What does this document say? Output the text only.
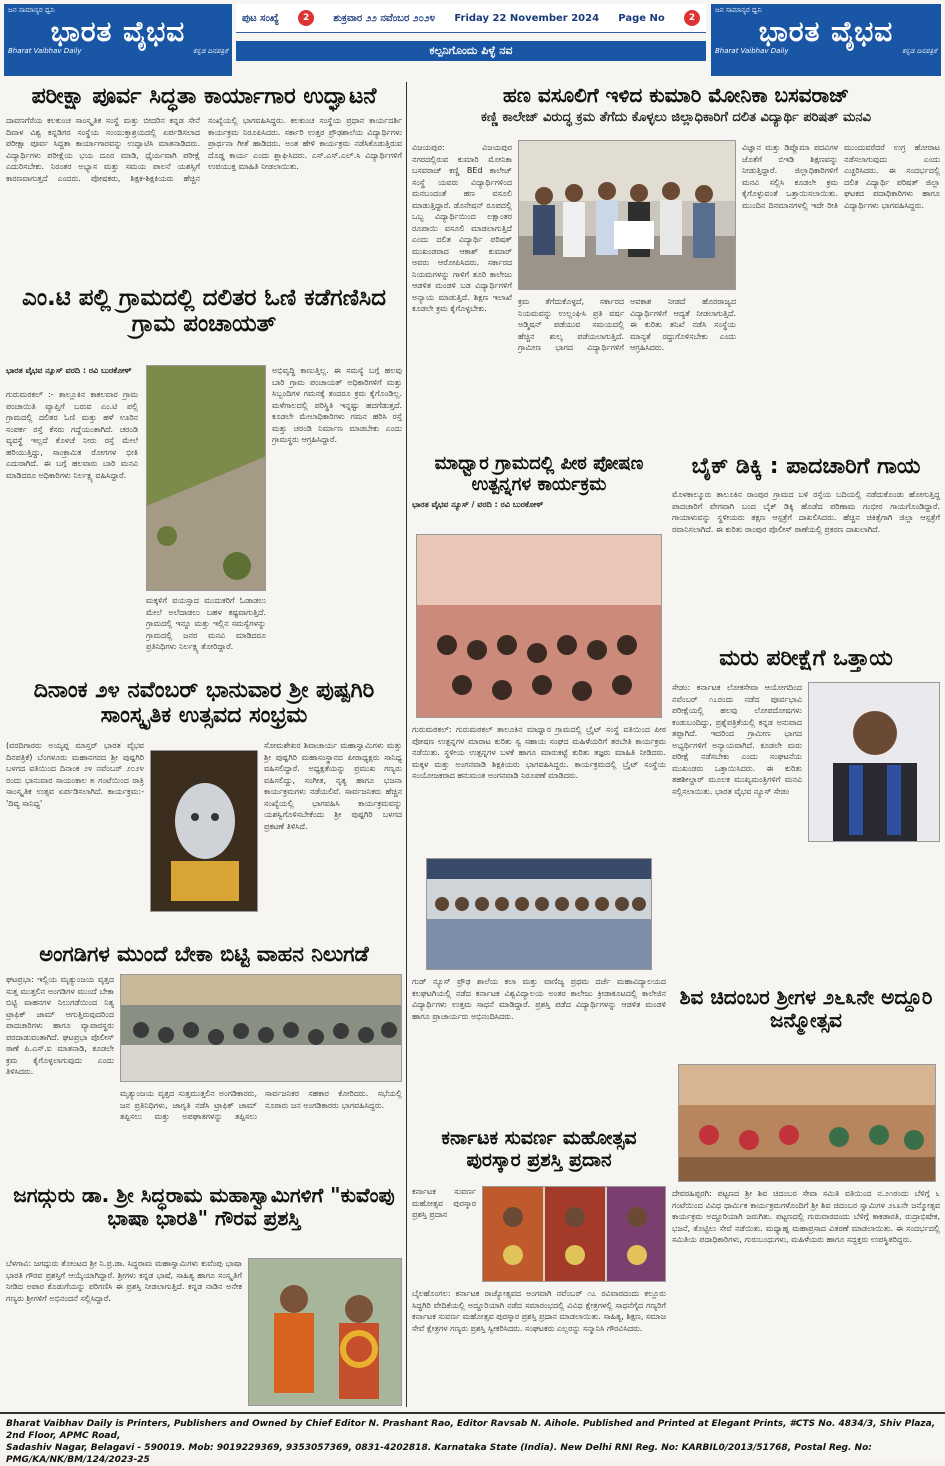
ಜನ ಸಾಮಾನ್ಯರ ಧ್ವನಿ
ಭಾರತ ವೈಭವ
Bharat Vaibhav Daily	ಕನ್ನಡ ದಿನಪತ್ರಿಕೆ
ಪುಟ ಸಂಖ್ಯೆ	2	ಶುಕ್ರವಾರ ೨೨ ನವೆಂಬರ ೨೦೨೪ Friday 22 November 2024 Page No	2
ಕಲ್ಪನಿಗೊಂದು ಪಿಳ್ಳೆ ನವ
ಜನ ಸಾಮಾನ್ಯರ ಧ್ವನಿ
ಭಾರತ ವೈಭವ
Bharat Vaibhav Daily	ಕನ್ನಡ ದಿನಪತ್ರಿಕೆ
ಪರೀಕ್ಷಾ ಪೂರ್ವ ಸಿದ್ಧತಾ ಕಾರ್ಯಾಗಾರ ಉದ್ಘಾಟನೆ
ದಾವಣಗೆರೆಯ ಕಲಕುಂಚ ಸಾಂಸ್ಕೃತಿಕ ಸಂಸ್ಥೆ ಮತ್ತು ಬೀದರಿನ ಕನ್ನಡ ಸೇನೆ ದಿವಾಳ ವಿಶ್ವ ಕನ್ನಡಿಗರ ಸಂಸ್ಥೆಯ ಸಂಯುಕ್ತಾಶ್ರಯದಲ್ಲಿ ಏರ್ಪಡಿಸಲಾದ ಪರೀಕ್ಷಾ ಪೂರ್ವ ಸಿದ್ಧತಾ ಕಾರ್ಯಾಗಾರವನ್ನು ಉದ್ಘಾಟಿಸಿ ಮಾತನಾಡಿದರು. ವಿದ್ಯಾರ್ಥಿಗಳು ಪರೀಕ್ಷೆಯ ಭಯ ದೂರ ಮಾಡಿ, ಧೈರ್ಯವಾಗಿ ಪರೀಕ್ಷೆ ಎದುರಿಸಬೇಕು. ನಿರಂತರ ಅಭ್ಯಾಸ ಮತ್ತು ಸಮಯ ಪಾಲನೆ ಯಶಸ್ಸಿಗೆ ಕಾರಣವಾಗುತ್ತದೆ ಎಂದರು. ಪೋಷಕರು, ಶಿಕ್ಷಕ-ಶಿಕ್ಷಕಿಯರು ಹೆಚ್ಚಿನ ಸಂಖ್ಯೆಯಲ್ಲಿ ಭಾಗವಹಿಸಿದ್ದರು. ಕಲಕುಂಚ ಸಂಸ್ಥೆಯ ಪ್ರಧಾನ ಕಾರ್ಯದರ್ಶಿ ಕಾರ್ಯಕ್ರಮ ನಿರೂಪಿಸಿದರು. ಸರ್ಕಾರಿ ಉತ್ತರ ಪ್ರೌಢಶಾಲೆಯ ವಿದ್ಯಾರ್ಥಿಗಳು ಪ್ರಾರ್ಥನಾ ಗೀತೆ ಹಾಡಿದರು. ಅಂತ ಹೇಳಿ ಕಾರ್ಯಕ್ರಮ ನಡೆಸಿಕೊಡುತ್ತಿರುವ ದೊಡ್ಡ ಕಾರ್ಯ ಎಂದು ಶ್ಲಾಘಿಸಿದರು. ಎಸ್.ಎಸ್.ಎಲ್.ಸಿ ವಿದ್ಯಾರ್ಥಿಗಳಿಗೆ ಉಪಯುಕ್ತ ಮಾಹಿತಿ ನೀಡಲಾಯಿತು.
ಹಣ ವಸೂಲಿಗೆ ಇಳಿದ ಕುಮಾರಿ ಮೋನಿಕಾ ಬಸವರಾಜ್
ಕಣ್ಣಿ ಕಾಲೇಜ್ ವಿರುದ್ಧ ಕ್ರಮ ತೆಗೆದು ಕೊಳ್ಳಲು ಜಿಲ್ಲಾಧಿಕಾರಿಗೆ ದಲಿತ ವಿದ್ಯಾರ್ಥಿ ಪರಿಷತ್ ಮನವಿ
ವಿಜಯಪುರ: ವಿಜಯಪುರ ನಗರದಲ್ಲಿರುವ ಕುಮಾರಿ ಮೋನಿಕಾ ಬಸವರಾಜ್ ಕಣ್ಣಿ BEd ಕಾಲೇಜ್ ಸಂಸ್ಥೆ ಯವರು ವಿದ್ಯಾರ್ಥಿಗಳಿಂದ ಮನಬಂದಂತೆ ಹಣ ವಸೂಲಿ ಮಾಡುತ್ತಿದ್ದಾರೆ. ಡೊನೇಷನ್ ರೂಪದಲ್ಲಿ ಒಬ್ಬ ವಿದ್ಯಾರ್ಥಿಯಿಂದ ಲಕ್ಷಾಂತರ ರೂಪಾಯಿ ವಸೂಲಿ ಮಾಡಲಾಗುತ್ತಿದೆ ಎಂದು ದಲಿತ ವಿದ್ಯಾರ್ಥಿ ಪರಿಷತ್ ಮುಖಂಡರಾದ ಆಕಾಶ್ ಕುಮಾರ್ ಅವರು ಆರೋಪಿಸಿದರು. ಸರ್ಕಾರದ ನಿಯಮಗಳನ್ನು ಗಾಳಿಗೆ ತೂರಿ ಕಾಲೇಜು ಆಡಳಿತ ಮಂಡಳಿ ಬಡ ವಿದ್ಯಾರ್ಥಿಗಳಿಗೆ ಅನ್ಯಾಯ ಮಾಡುತ್ತಿದೆ. ಶಿಕ್ಷಣ ಇಲಾಖೆ ಕೂಡಲೇ ಕ್ರಮ ಕೈಗೊಳ್ಳಬೇಕು.
ಕ್ರಮ ತೆಗೆದುಕೊಳ್ಳದೆ, ಸರ್ಕಾರದ ನಿಯಮವನ್ನು ಉಲ್ಲಂಘಿಸಿ ಪ್ರತಿ ವರ್ಷ ಅಡ್ಮಿಷನ್ ಪಡೆಯುವ ಸಮಯದಲ್ಲಿ ಹೆಚ್ಚಿನ ಶುಲ್ಕ ಪಡೆಯಲಾಗುತ್ತಿದೆ. ಗ್ರಾಮೀಣ ಭಾಗದ ವಿದ್ಯಾರ್ಥಿಗಳಿಗೆ ಅವಕಾಶ ನೀಡದೆ ಹೊರರಾಜ್ಯದ ವಿದ್ಯಾರ್ಥಿಗಳಿಗೆ ಆದ್ಯತೆ ನೀಡಲಾಗುತ್ತಿದೆ. ಈ ಕುರಿತು ತನಿಖೆ ನಡೆಸಿ ಸಂಸ್ಥೆಯ ಮಾನ್ಯತೆ ರದ್ದುಗೊಳಿಸಬೇಕು ಎಂದು ಆಗ್ರಹಿಸಿದರು.
ವಿಜ್ಞಾನ ಮತ್ತು ಡಿಪ್ಲೊಮಾ ಪದವಿಗಳ ಜೊತೆಗೆ ಬಿಇಡಿ ಶಿಕ್ಷಣವನ್ನು ನೀಡುತ್ತಿದ್ದಾರೆ. ಜಿಲ್ಲಾಧಿಕಾರಿಗಳಿಗೆ ಮನವಿ ಸಲ್ಲಿಸಿ ಕೂಡಲೇ ಕ್ರಮ ಕೈಗೊಳ್ಳುವಂತೆ ಒತ್ತಾಯಿಸಲಾಯಿತು. ಮುಂದಿನ ದಿನಮಾನಗಳಲ್ಲಿ ಇದೇ ರೀತಿ ಮುಂದುವರೆದರೆ ಉಗ್ರ ಹೋರಾಟ ನಡೆಸಲಾಗುವುದು ಎಂದು ಎಚ್ಚರಿಸಿದರು. ಈ ಸಂದರ್ಭದಲ್ಲಿ ದಲಿತ ವಿದ್ಯಾರ್ಥಿ ಪರಿಷತ್ ಜಿಲ್ಲಾ ಘಟಕದ ಪದಾಧಿಕಾರಿಗಳು ಹಾಗೂ ವಿದ್ಯಾರ್ಥಿಗಳು ಭಾಗವಹಿಸಿದ್ದರು.
ಎಂ.ಟಿ ಪಲ್ಲಿ ಗ್ರಾಮದಲ್ಲಿ ದಲಿತರ ಓಣಿ ಕಡೆಗಣಿಸಿದ ಗ್ರಾಮ ಪಂಚಾಯತ್
ಭಾರತ ವೈಭವ ನ್ಯೂಸ್ ವರದಿ : ರವಿ ಬುರಕೋಳ್
ಗುರುಮಠಕಲ್ :- ತಾಲ್ಲೂಕಿನ ಕಾಕಲವಾರ ಗ್ರಾಮ ಪಂಚಾಯಿತಿ ವ್ಯಾಪ್ತಿಗೆ ಬರುವ ಎಂ.ಟಿ ಪಲ್ಲಿ ಗ್ರಾಮದಲ್ಲಿ ದಲಿತರ ಓಣಿ ಮತ್ತು ಹಳೆ ಊರಿನ ಸಂಪರ್ಕ ರಸ್ತೆ ಕೆಸರು ಗದ್ದೆಯಂತಾಗಿದೆ. ಚರಂಡಿ ವ್ಯವಸ್ಥೆ ಇಲ್ಲದೆ ಕೊಳಚೆ ನೀರು ರಸ್ತೆ ಮೇಲೆ ಹರಿಯುತ್ತಿದ್ದು, ಸಾಂಕ್ರಾಮಿಕ ರೋಗಗಳ ಭೀತಿ ಎದುರಾಗಿದೆ. ಈ ಬಗ್ಗೆ ಹಲವಾರು ಬಾರಿ ಮನವಿ ಮಾಡಿದರೂ ಅಧಿಕಾರಿಗಳು ನಿರ್ಲಕ್ಷ್ಯ ವಹಿಸಿದ್ದಾರೆ.
ಮಕ್ಕಳಿಗೆ ವಯಸ್ಸಾದ ಮುದುಕರಿಗೆ ಓಡಾಡಲು ಮೇಲೆ ಅಲೆದಾಡಲು ಬಹಳ ಕಷ್ಟವಾಗುತ್ತಿದೆ. ಗ್ರಾಮದಲ್ಲಿ ಇನ್ನೂ ಮತ್ತು ಇಲ್ಲಿನ ಸಮಸ್ಯೆಗಳನ್ನು ಗ್ರಾಮದಲ್ಲಿ ಜನರ ಮನವಿ ಮಾಡಿದರೂ ಪ್ರತಿನಿಧಿಗಳು ನಿರ್ಲಕ್ಷ್ಯ ತೋರಿದ್ದಾರೆ.
ಅಭಿವೃದ್ಧಿ ಕಾಣುತ್ತಿಲ್ಲ. ಈ ಸಮಸ್ಯೆ ಬಗ್ಗೆ ಹಲವು ಬಾರಿ ಗ್ರಾಮ ಪಂಚಾಯತ್ ಅಧಿಕಾರಿಗಳಿಗೆ ಮತ್ತು ಸಿಬ್ಬಂದಿಗಳ ಗಮನಕ್ಕೆ ತಂದರೂ ಕ್ರಮ ಕೈಗೊಂಡಿಲ್ಲ. ಮಳೆಗಾಲದಲ್ಲಿ ಪರಿಸ್ಥಿತಿ ಇನ್ನಷ್ಟು ಹದಗೆಡುತ್ತದೆ. ಕೂಡಲೇ ಮೇಲಾಧಿಕಾರಿಗಳು ಗಮನ ಹರಿಸಿ ರಸ್ತೆ ಮತ್ತು ಚರಂಡಿ ನಿರ್ಮಾಣ ಮಾಡಬೇಕು ಎಂದು ಗ್ರಾಮಸ್ಥರು ಆಗ್ರಹಿಸಿದ್ದಾರೆ.
ದಿನಾಂಕ ೨೪ ನವೆಂಬರ್ ಭಾನುವಾರ ಶ್ರೀ ಪುಷ್ಪಗಿರಿ ಸಾಂಸ್ಕೃತಿಕ ಉತ್ಸವದ ಸಂಭ್ರಮ
(ವರದಿಗಾರರು ಅಯ್ಯಪ್ಪ ಮಾಸ್ತರ್ ಭಾರತ ವೈಭವ ದಿನಪತ್ರಿಕೆ) ಬೆಂಗಳೂರು ಮಹಾನಗರದ ಶ್ರೀ ಪುಷ್ಪಗಿರಿ ಬಳಗದ ವತಿಯಿಂದ ದಿನಾಂಕ ೨೪ ನವೆಂಬರ್ ೨೦೨೪ ರಂದು ಭಾನುವಾರ ಸಾಯಂಕಾಲ ೫ ಗಂಟೆಯಿಂದ ರಾತ್ರಿ ಸಾಂಸ್ಕೃತಿಕ ಉತ್ಸವ ಏರ್ಪಡಿಸಲಾಗಿದೆ. ಕಾರ್ಯಕ್ರಮ:- 'ದಿವ್ಯ ಸಾನಿಧ್ಯ'
ಸೋಮಶೇಖರ ಶಿವಾಚಾರ್ಯ ಮಹಾಸ್ವಾಮಿಗಳು ಮತ್ತು ಶ್ರೀ ಪುಷ್ಪಗಿರಿ ಮಹಾಸಂಸ್ಥಾನದ ಪೀಠಾಧ್ಯಕ್ಷರು ಸಾನಿಧ್ಯ ವಹಿಸಲಿದ್ದಾರೆ. ಅಧ್ಯಕ್ಷತೆಯನ್ನು ಪ್ರಮುಖ ಗಣ್ಯರು ವಹಿಸಲಿದ್ದು, ಸಂಗೀತ, ನೃತ್ಯ ಹಾಗೂ ಭಜನಾ ಕಾರ್ಯಕ್ರಮಗಳು ನಡೆಯಲಿವೆ. ಸಾರ್ವಜನಿಕರು ಹೆಚ್ಚಿನ ಸಂಖ್ಯೆಯಲ್ಲಿ ಭಾಗವಹಿಸಿ ಕಾರ್ಯಕ್ರಮವನ್ನು ಯಶಸ್ವಿಗೊಳಿಸಬೇಕೆಂದು ಶ್ರೀ ಪುಷ್ಪಗಿರಿ ಬಳಗದ ಪ್ರಕಟಣೆ ತಿಳಿಸಿದೆ.
ಅಂಗಡಿಗಳ ಮುಂದೆ ಬೇಕಾ ಬಿಟ್ಟಿ ವಾಹನ ನಿಲುಗಡೆ
ಘಟಪ್ರಭಾ: ಇಲ್ಲಿಯ ಮೃತ್ಯುಂಜಯ ವೃತ್ತದ ಸುತ್ತ ಮುತ್ತಲಿನ ಅಂಗಡಿಗಳ ಮುಂದೆ ಬೇಕಾ ಬಿಟ್ಟಿ ವಾಹನಗಳ ನಿಲುಗಡೆಯಿಂದ ನಿತ್ಯ ಟ್ರಾಫಿಕ್ ಜಾಮ್ ಆಗುತ್ತಿರುವುದರಿಂದ ಪಾದಚಾರಿಗಳು ಹಾಗೂ ವ್ಯಾಪಾರಸ್ಥರು ಪರದಾಡುವಂತಾಗಿದೆ. ಘಟಪ್ರಭಾ ಪೊಲೀಸ್ ಠಾಣೆ ಪಿ.ಎಸ್.ಐ ಮಾತನಾಡಿ, ಕೂಡಲೇ ಕ್ರಮ ಕೈಗೊಳ್ಳಲಾಗುವುದು ಎಂದು ತಿಳಿಸಿದರು.
ಮೃತ್ಯುಂಜಯ ವೃತ್ತದ ಸುತ್ತಮುತ್ತಲಿನ ಅಂಗಡಿಕಾರರು, ಜನ ಪ್ರತಿನಿಧಿಗಳು, ಜಾಗೃತಿ ನಡೆಸಿ ಟ್ರಾಫಿಕ್ ಜಾಮ್ ತಪ್ಪಿಸಲು ಮತ್ತು ಅಪಘಾತಗಳನ್ನು ತಪ್ಪಿಸಲು ಸಾರ್ವಜನಿಕರ ಸಹಕಾರ ಕೋರಿದರು. ಸಭೆಯಲ್ಲಿ ನೂರಾರು ಜನ ಅಂಗಡಿಕಾರರು ಭಾಗವಹಿಸಿದ್ದರು.
ಜಗದ್ಗುರು ಡಾ. ಶ್ರೀ ಸಿದ್ಧರಾಮ ಮಹಾಸ್ವಾಮಿಗಳಿಗೆ "ಕುವೆಂಪು ಭಾಷಾ ಭಾರತಿ" ಗೌರವ ಪ್ರಶಸ್ತಿ
ಬೆಳಗಾವಿ: ಜಗದ್ಗುರು ತೋಂಟದ ಶ್ರೀ ನಿ.ಪ್ರ.ಡಾ. ಸಿದ್ಧರಾಮ ಮಹಾಸ್ವಾಮಿಗಳು ಕುವೆಂಪು ಭಾಷಾ ಭಾರತಿ ಗೌರವ ಪ್ರಶಸ್ತಿಗೆ ಆಯ್ಕೆಯಾಗಿದ್ದಾರೆ. ಶ್ರೀಗಳು ಕನ್ನಡ ಭಾಷೆ, ಸಾಹಿತ್ಯ ಹಾಗೂ ಸಂಸ್ಕೃತಿಗೆ ನೀಡಿದ ಅಪಾರ ಕೊಡುಗೆಯನ್ನು ಪರಿಗಣಿಸಿ ಈ ಪ್ರಶಸ್ತಿ ನೀಡಲಾಗುತ್ತಿದೆ. ಕನ್ನಡ ನಾಡಿನ ಅನೇಕ ಗಣ್ಯರು ಶ್ರೀಗಳಿಗೆ ಅಭಿನಂದನೆ ಸಲ್ಲಿಸಿದ್ದಾರೆ.
ಮಾಧ್ವಾರ ಗ್ರಾಮದಲ್ಲಿ ಪೀಠ ಪೋಷಣ ಉತ್ಪನ್ನಗಳ ಕಾರ್ಯಕ್ರಮ
ಭಾರತ ವೈಭವ ನ್ಯೂಸ್ / ವರದಿ : ರವಿ ಬುರಕೋಳ್
ಗುರುಮಠಕಲ್: ಗುರುಮಠಕಲ್ ತಾಲೂಕಿನ ಮಾಧ್ವಾರ ಗ್ರಾಮದಲ್ಲಿ ಬ್ರೈಟ್ ಸಂಸ್ಥೆ ವತಿಯಿಂದ ಪೀಠ ಪೋಷಣ ಉತ್ಪನ್ನಗಳ ಮಾರಾಟ ಕುರಿತು ಸ್ವ ಸಹಾಯ ಸಂಘದ ಮಹಿಳೆಯರಿಗೆ ತರಬೇತಿ ಕಾರ್ಯಕ್ರಮ ನಡೆಯಿತು. ಸ್ಥಳೀಯ ಉತ್ಪನ್ನಗಳ ಬಳಕೆ ಹಾಗೂ ಮಾರುಕಟ್ಟೆ ಕುರಿತು ತಜ್ಞರು ಮಾಹಿತಿ ನೀಡಿದರು. ಮಕ್ಕಳ ಮತ್ತು ಅಂಗನವಾಡಿ ಶಿಕ್ಷಕಿಯರು ಭಾಗವಹಿಸಿದ್ದರು. ಕಾರ್ಯಕ್ರಮದಲ್ಲಿ ಬ್ರೈಟ್ ಸಂಸ್ಥೆಯ ಸಂಯೋಜಕರಾದ ಹನುಮಂತ ಅಂಗನವಾಡಿ ನಿರೂಪಣೆ ಮಾಡಿದರು.
ಗುಡ್ ನ್ಯೂಸ್ ಪ್ರೌಢ ಶಾಲೆಯ ಕಲಾ ಮತ್ತು ವಾಣಿಜ್ಯ ಪ್ರಥಮ ದರ್ಜೆ ಮಹಾವಿದ್ಯಾಲಯದ ಕಲಘಟಗಿಯಲ್ಲಿ ನಡೆದ ಕರ್ನಾಟಕ ವಿಶ್ವವಿದ್ಯಾಲಯ ಅಂತರ ಕಾಲೇಜು ಕ್ರೀಡಾಕೂಟದಲ್ಲಿ ಕಾಲೇಜಿನ ವಿದ್ಯಾರ್ಥಿಗಳು ಉತ್ತಮ ಸಾಧನೆ ಮಾಡಿದ್ದಾರೆ. ಪ್ರಶಸ್ತಿ ಪಡೆದ ವಿದ್ಯಾರ್ಥಿಗಳನ್ನು ಆಡಳಿತ ಮಂಡಳಿ ಹಾಗೂ ಪ್ರಾಚಾರ್ಯರು ಅಭಿನಂದಿಸಿದರು.
ಕರ್ನಾಟಕ ಸುವರ್ಣ ಮಹೋತ್ಸವ ಪುರಸ್ಕಾರ ಪ್ರಶಸ್ತಿ ಪ್ರದಾನ
ಕರ್ನಾಟಕ ಸುವರ್ಣ ಮಹೋತ್ಸವ ಪುರಸ್ಕಾರ ಪ್ರಶಸ್ತಿ ಪ್ರದಾನ
ಬೈಲಹೊಂಗಲ: ಕರ್ನಾಟಕ ರಾಜ್ಯೋತ್ಸವದ ಅಂಗವಾಗಿ ನವೆಂಬರ್ ೧೭ ರವಿವಾರದಂದು ಕಲ್ಲೂರು ಸಿದ್ಧಗಿರಿ ವೇದಿಕೆಯಲ್ಲಿ ಅದ್ದೂರಿಯಾಗಿ ನಡೆದ ಸಮಾರಂಭದಲ್ಲಿ ವಿವಿಧ ಕ್ಷೇತ್ರಗಳಲ್ಲಿ ಸಾಧನೆಗೈದ ಗಣ್ಯರಿಗೆ ಕರ್ನಾಟಕ ಸುವರ್ಣ ಮಹೋತ್ಸವ ಪುರಸ್ಕಾರ ಪ್ರಶಸ್ತಿ ಪ್ರದಾನ ಮಾಡಲಾಯಿತು. ಸಾಹಿತ್ಯ, ಶಿಕ್ಷಣ, ಸಮಾಜ ಸೇವೆ ಕ್ಷೇತ್ರಗಳ ಗಣ್ಯರು ಪ್ರಶಸ್ತಿ ಸ್ವೀಕರಿಸಿದರು. ಸಂಘಟಕರು ಎಲ್ಲರನ್ನು ಸನ್ಮಾನಿಸಿ ಗೌರವಿಸಿದರು.
ಬೈಕ್ ಡಿಕ್ಕಿ : ಪಾದಚಾರಿಗೆ ಗಾಯ
ಮೊಳಕಾಲ್ಮೂರು ತಾಲೂಕಿನ ರಾಂಪುರ ಗ್ರಾಮದ ಬಳಿ ರಸ್ತೆಯ ಬದಿಯಲ್ಲಿ ನಡೆದುಕೊಂಡು ಹೋಗುತ್ತಿದ್ದ ಪಾದಚಾರಿಗೆ ವೇಗವಾಗಿ ಬಂದ ಬೈಕ್ ಡಿಕ್ಕಿ ಹೊಡೆದ ಪರಿಣಾಮ ಗಂಭೀರ ಗಾಯಗೊಂಡಿದ್ದಾರೆ. ಗಾಯಾಳುವನ್ನು ಸ್ಥಳೀಯರು ತಕ್ಷಣ ಆಸ್ಪತ್ರೆಗೆ ದಾಖಲಿಸಿದರು. ಹೆಚ್ಚಿನ ಚಿಕಿತ್ಸೆಗಾಗಿ ಜಿಲ್ಲಾ ಆಸ್ಪತ್ರೆಗೆ ರವಾನಿಸಲಾಗಿದೆ. ಈ ಕುರಿತು ರಾಂಪುರ ಪೊಲೀಸ್ ಠಾಣೆಯಲ್ಲಿ ಪ್ರಕರಣ ದಾಖಲಾಗಿದೆ.
ಮರು ಪರೀಕ್ಷೆಗೆ ಒತ್ತಾಯ
ಸೇಡಂ: ಕರ್ನಾಟಕ ಲೋಕಸೇವಾ ಆಯೋಗದಿಂದ ನವೆಂಬರ್ ೧೭ರಂದು ನಡೆದ ಪೂರ್ವಭಾವಿ ಪರೀಕ್ಷೆಯಲ್ಲಿ ಹಲವು ಲೋಪದೋಷಗಳು ಕಂಡುಬಂದಿದ್ದು, ಪ್ರಶ್ನೆಪತ್ರಿಕೆಯಲ್ಲಿ ಕನ್ನಡ ಅನುವಾದ ತಪ್ಪಾಗಿದೆ. ಇದರಿಂದ ಗ್ರಾಮೀಣ ಭಾಗದ ಅಭ್ಯರ್ಥಿಗಳಿಗೆ ಅನ್ಯಾಯವಾಗಿದೆ. ಕೂಡಲೇ ಮರು ಪರೀಕ್ಷೆ ನಡೆಸಬೇಕು ಎಂದು ಸಂಘಟನೆಯ ಮುಖಂಡರು ಒತ್ತಾಯಿಸಿದರು. ಈ ಕುರಿತು ತಹಶೀಲ್ದಾರ್ ಮೂಲಕ ಮುಖ್ಯಮಂತ್ರಿಗಳಿಗೆ ಮನವಿ ಸಲ್ಲಿಸಲಾಯಿತು. ಭಾರತ ವೈಭವ ನ್ಯೂಸ್ ಸೇಡಂ
ಶಿವ ಚಿದಂಬರ ಶ್ರೀಗಳ ೨೬೩ನೇ ಅದ್ದೂರಿ ಜನ್ಮೋತ್ಸವ
ದೇವರಹಿಪ್ಪರಗಿ: ಪಟ್ಟಣದ ಶ್ರೀ ಶಿವ ಚಿದಂಬರ ಸೇವಾ ಸಮಿತಿ ವತಿಯಿಂದ ನ.೨೧ರಂದು ಬೆಳಿಗ್ಗೆ ೬ ಗಂಟೆಯಿಂದ ವಿವಿಧ ಧಾರ್ಮಿಕ ಕಾರ್ಯಕ್ರಮಗಳೊಂದಿಗೆ ಶ್ರೀ ಶಿವ ಚಿದಂಬರ ಸ್ವಾಮಿಗಳ ೨೬೩ನೇ ಜನ್ಮೋತ್ಸವ ಕಾರ್ಯಕ್ರಮ ಅದ್ದೂರಿಯಾಗಿ ಜರುಗಿತು. ಪಟ್ಟಣದಲ್ಲಿ ಗುರುವಾರದಂದು ಬೆಳಿಗ್ಗೆ ಕಾಕಡಾರತಿ, ರುದ್ರಾಭಿಷೇಕ, ಭಜನೆ, ತೊಟ್ಟಿಲು ಸೇವೆ ನಡೆಯಿತು. ಮಧ್ಯಾಹ್ನ ಮಹಾಪ್ರಸಾದ ವಿತರಣೆ ಮಾಡಲಾಯಿತು. ಈ ಸಂದರ್ಭದಲ್ಲಿ ಸಮಿತಿಯ ಪದಾಧಿಕಾರಿಗಳು, ಗುರುಬಂಧುಗಳು, ಮಹಿಳೆಯರು ಹಾಗೂ ಸದ್ಭಕ್ತರು ಉಪಸ್ಥಿತರಿದ್ದರು.
Bharat Vaibhav Daily is Printers, Publishers and Owned by Chief Editor N. Prashant Rao, Editor Ravsab N. Aihole. Published and Printed at Elegant Prints, #CTS No. 4834/3, Shiv Plaza, 2nd Floor, APMC Road,
Sadashiv Nagar, Belagavi - 590019. Mob: 9019229369, 9353057369, 0831-4202818. Karnataka State (India). New Delhi RNI Reg. No: KARBIL0/2013/51768, Postal Reg. No: PMG/KA/NK/BM/124/2023-25
